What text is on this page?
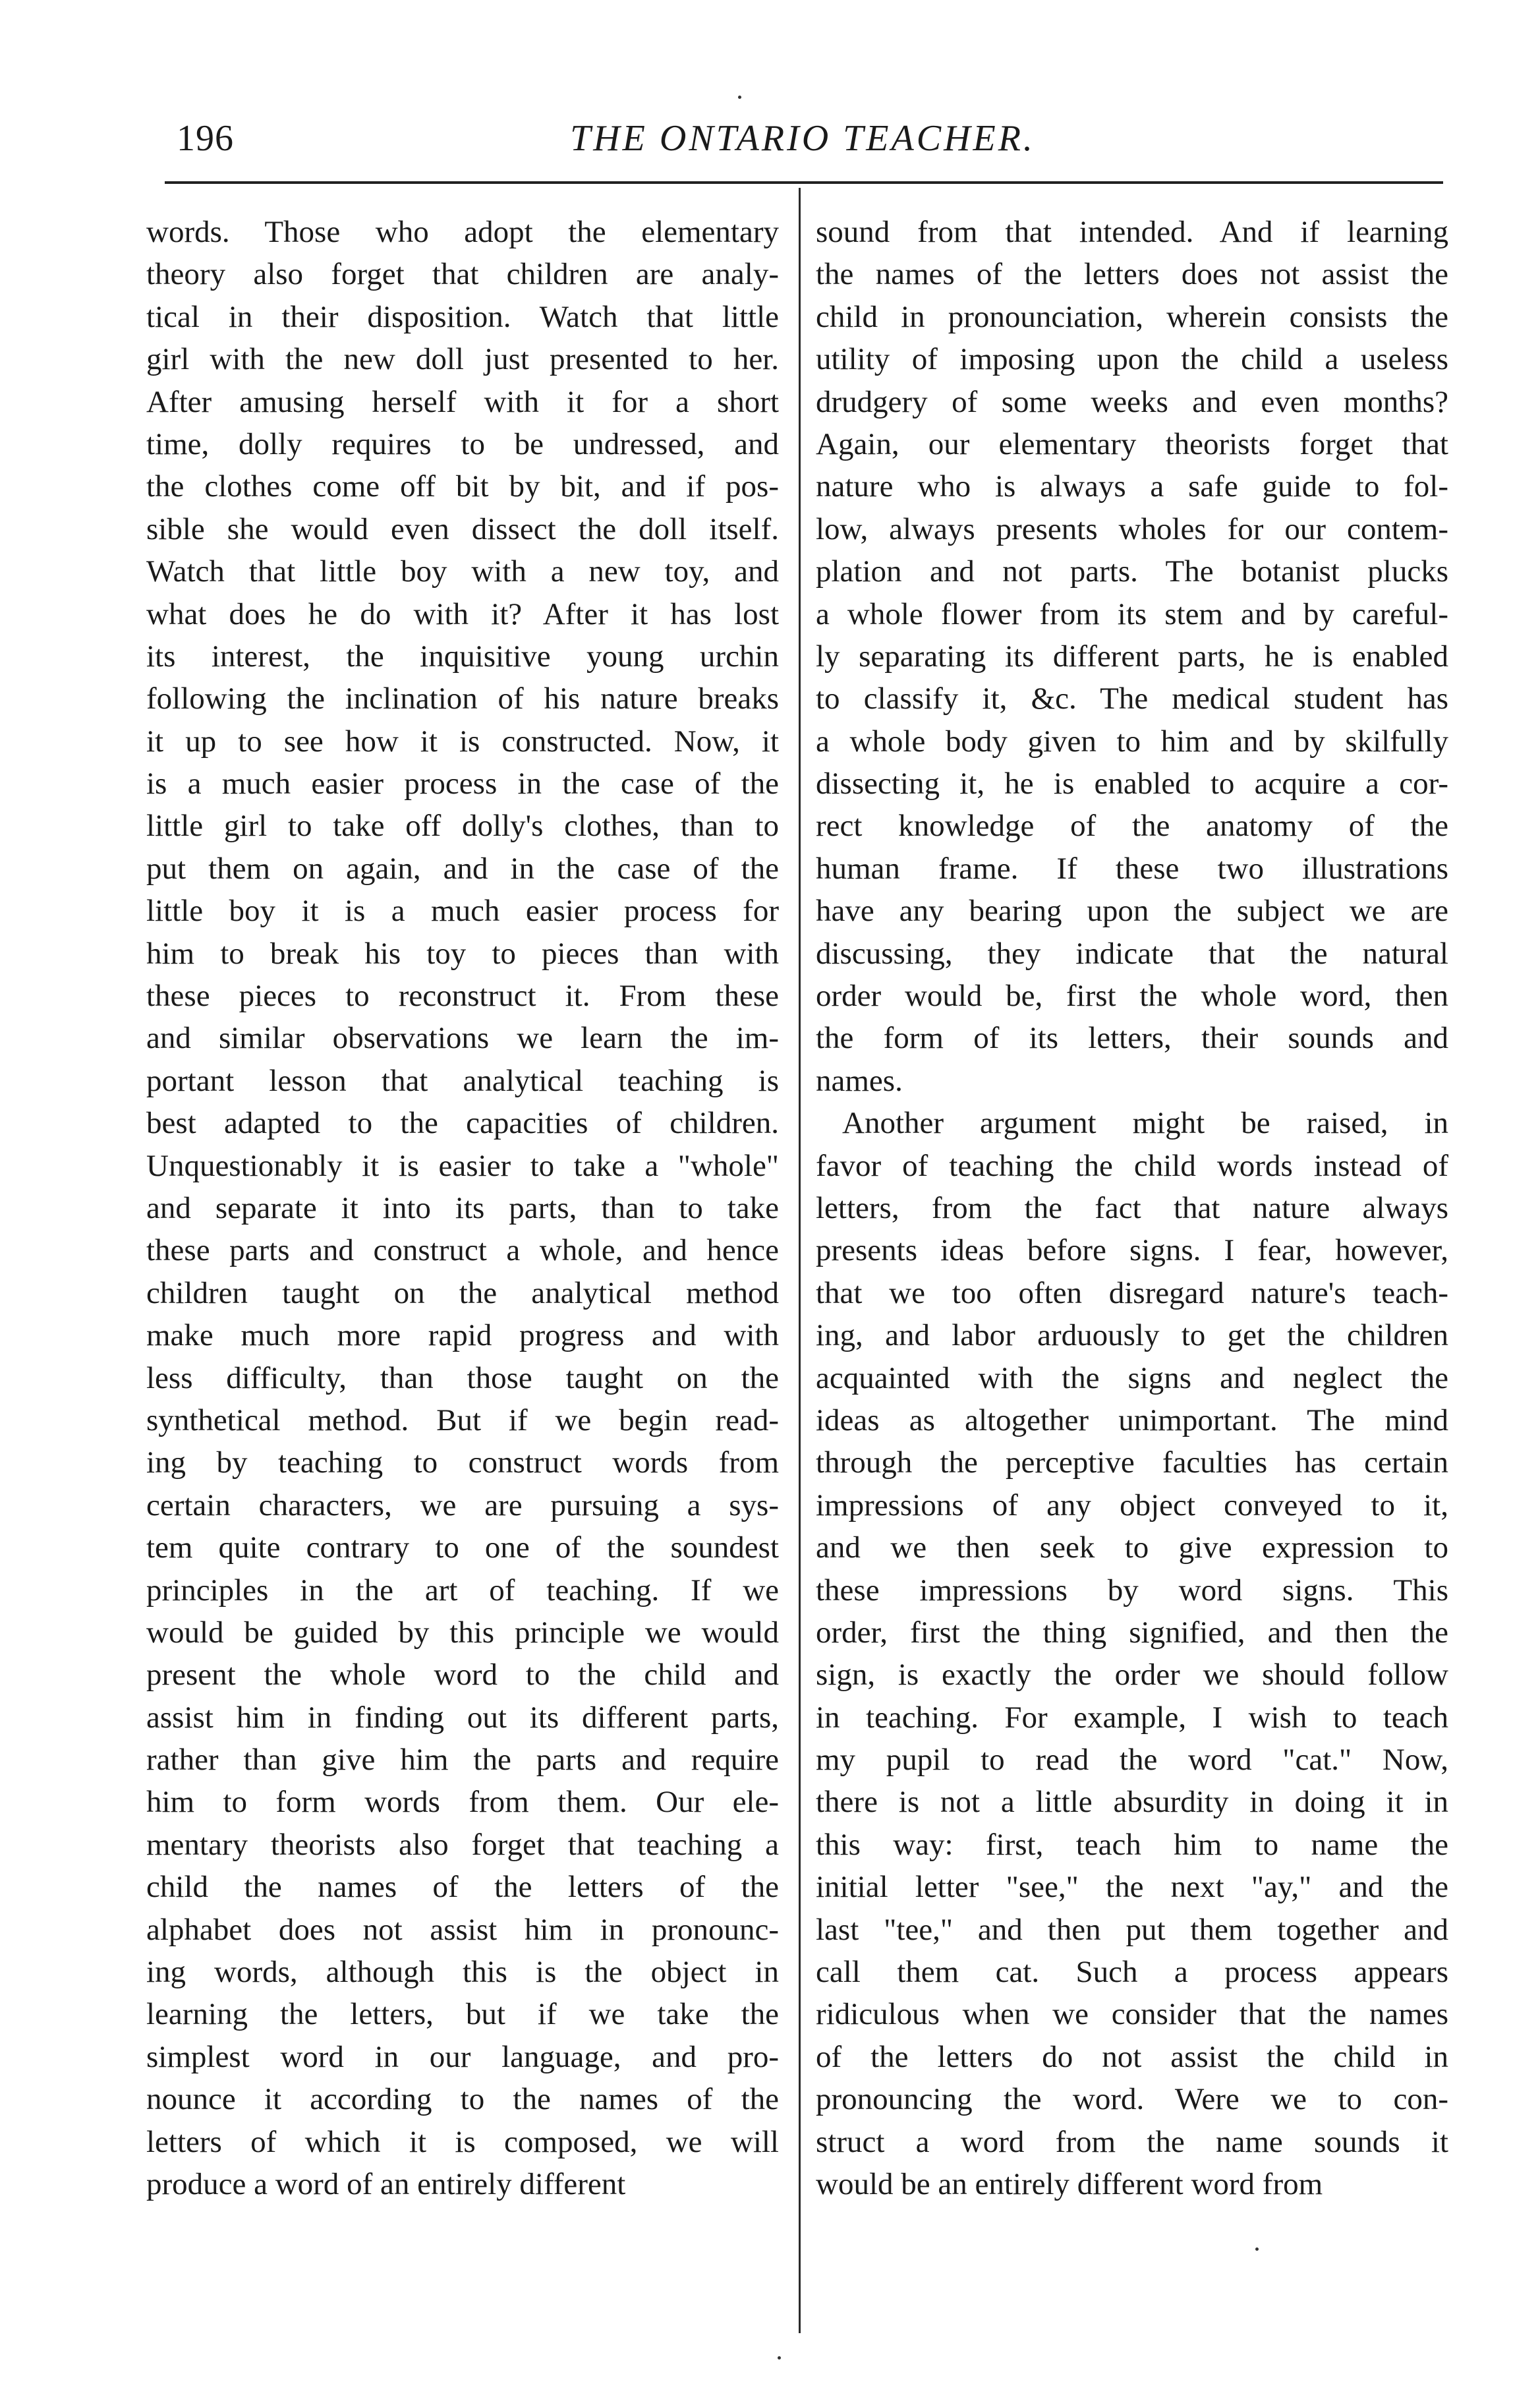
196	THE ONTARIO TEACHER.
words. Those who adopt the elementary
theory also forget that children are analy-
tical in their disposition. Watch that little
girl with the new doll just presented to her.
After amusing herself with it for a short
time, dolly requires to be undressed, and
the clothes come off bit by bit, and if pos-
sible she would even dissect the doll itself.
Watch that little boy with a new toy, and
what does he do with it? After it has lost
its interest, the inquisitive young urchin
following the inclination of his nature breaks
it up to see how it is constructed. Now, it
is a much easier process in the case of the
little girl to take off dolly's clothes, than to
put them on again, and in the case of the
little boy it is a much easier process for
him to break his toy to pieces than with
these pieces to reconstruct it. From these
and similar observations we learn the im-
portant lesson that analytical teaching is
best adapted to the capacities of children.
Unquestionably it is easier to take a "whole"
and separate it into its parts, than to take
these parts and construct a whole, and hence
children taught on the analytical method
make much more rapid progress and with
less difficulty, than those taught on the
synthetical method. But if we begin read-
ing by teaching to construct words from
certain characters, we are pursuing a sys-
tem quite contrary to one of the soundest
principles in the art of teaching. If we
would be guided by this principle we would
present the whole word to the child and
assist him in finding out its different parts,
rather than give him the parts and require
him to form words from them. Our ele-
mentary theorists also forget that teaching a
child the names of the letters of the
alphabet does not assist him in pronounc-
ing words, although this is the object in
learning the letters, but if we take the
simplest word in our language, and pro-
nounce it according to the names of the
letters of which it is composed, we will
produce a word of an entirely different
sound from that intended. And if learning
the names of the letters does not assist the
child in pronounciation, wherein consists the
utility of imposing upon the child a useless
drudgery of some weeks and even months?
Again, our elementary theorists forget that
nature who is always a safe guide to fol-
low, always presents wholes for our contem-
plation and not parts. The botanist plucks
a whole flower from its stem and by careful-
ly separating its different parts, he is enabled
to classify it, &c. The medical student has
a whole body given to him and by skilfully
dissecting it, he is enabled to acquire a cor-
rect knowledge of the anatomy of the
human frame. If these two illustrations
have any bearing upon the subject we are
discussing, they indicate that the natural
order would be, first the whole word, then
the form of its letters, their sounds and
names.
Another argument might be raised, in
favor of teaching the child words instead of
letters, from the fact that nature always
presents ideas before signs. I fear, however,
that we too often disregard nature's teach-
ing, and labor arduously to get the children
acquainted with the signs and neglect the
ideas as altogether unimportant. The mind
through the perceptive faculties has certain
impressions of any object conveyed to it,
and we then seek to give expression to
these impressions by word signs. This
order, first the thing signified, and then the
sign, is exactly the order we should follow
in teaching. For example, I wish to teach
my pupil to read the word "cat." Now,
there is not a little absurdity in doing it in
this way: first, teach him to name the
initial letter "see," the next "ay," and the
last "tee," and then put them together and
call them cat. Such a process appears
ridiculous when we consider that the names
of the letters do not assist the child in
pronouncing the word. Were we to con-
struct a word from the name sounds it
would be an entirely different word from
